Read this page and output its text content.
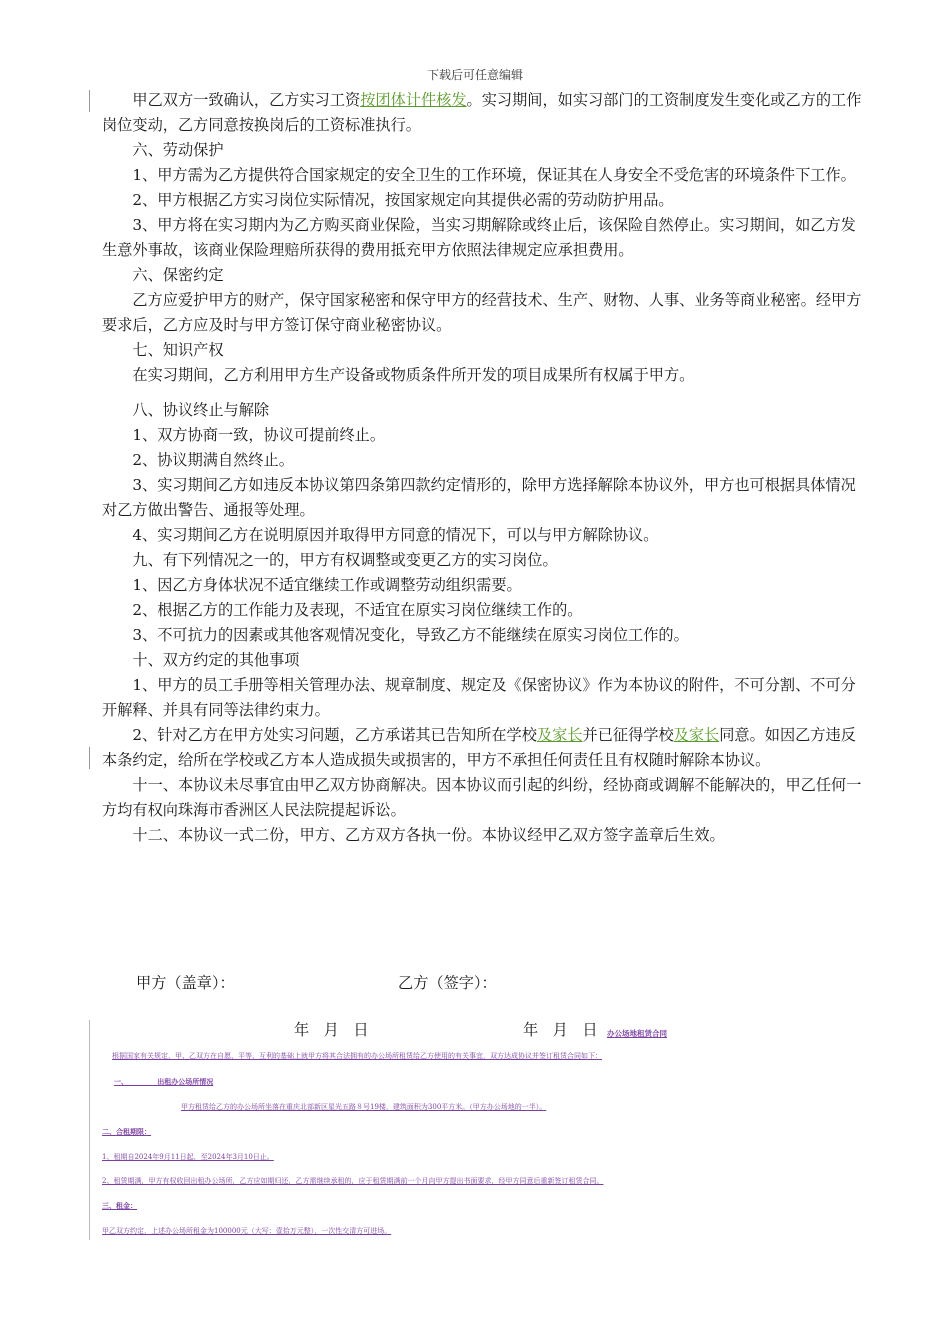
下载后可任意编辑

甲乙双方一致确认，乙方实习工资按团体计件核发。实习期间，如实习部门的工资制度发生变化或乙方的工作岗位变动，乙方同意按换岗后的工资标准执行。

六、劳动保护

1、甲方需为乙方提供符合国家规定的安全卫生的工作环境，保证其在人身安全不受危害的环境条件下工作。

2、甲方根据乙方实习岗位实际情况，按国家规定向其提供必需的劳动防护用品。

3、甲方将在实习期内为乙方购买商业保险，当实习期解除或终止后，该保险自然停止。实习期间，如乙方发生意外事故，该商业保险理赔所获得的费用抵充甲方依照法律规定应承担费用。

六、保密约定

乙方应爱护甲方的财产，保守国家秘密和保守甲方的经营技术、生产、财物、人事、业务等商业秘密。经甲方要求后，乙方应及时与甲方签订保守商业秘密协议。

七、知识产权

在实习期间，乙方利用甲方生产设备或物质条件所开发的项目成果所有权属于甲方。

八、协议终止与解除

1、双方协商一致，协议可提前终止。

2、协议期满自然终止。

3、实习期间乙方如违反本协议第四条第四款约定情形的，除甲方选择解除本协议外，甲方也可根据具体情况对乙方做出警告、通报等处理。

4、实习期间乙方在说明原因并取得甲方同意的情况下，可以与甲方解除协议。

九、有下列情况之一的，甲方有权调整或变更乙方的实习岗位。

1、因乙方身体状况不适宜继续工作或调整劳动组织需要。

2、根据乙方的工作能力及表现，不适宜在原实习岗位继续工作的。

3、不可抗力的因素或其他客观情况变化，导致乙方不能继续在原实习岗位工作的。

十、双方约定的其他事项

1、甲方的员工手册等相关管理办法、规章制度、规定及《保密协议》作为本协议的附件，不可分割、不可分开解释、并具有同等法律约束力。

2、针对乙方在甲方处实习问题，乙方承诺其已告知所在学校及家长并已征得学校及家长同意。如因乙方违反本条约定，给所在学校或乙方本人造成损失或损害的，甲方不承担任何责任且有权随时解除本协议。

十一、本协议未尽事宜由甲乙双方协商解决。因本协议而引起的纠纷，经协商或调解不能解决的，甲乙任何一方均有权向珠海市香洲区人民法院提起诉讼。

十二、本协议一式二份，甲方、乙方双方各执一份。本协议经甲乙双方签字盖章后生效。

甲方（盖章）：	乙方（签字）：
年   月   日	年   月   日 办公场地租赁合同
根据国家有关规定，甲、乙双方在自愿、平等、互利的基础上就甲方将其合法拥有的办公场所租赁给乙方使用的有关事宜，双方达成协议并签订租赁合同如下：
一、            出租办公场所情况
甲方租赁给乙方的办公场所坐落在重庆北部新区星光五路８号19楼，建筑面积为300平方米。（甲方办公场地的一半）。
二、合租期限：
1、租期自2024年9月11日起，至2024年3月10日止。
2、租赁期满，甲方有权收回出租办公场所，乙方应如期归还，乙方需继续承租的，应于租赁期满前一个月向甲方提出书面要求，经甲方同意后重新签订租赁合同。
三、租金：
甲乙双方约定，上述办公场所租金为100000元（大写：壹拾万元整），一次性交清方可进场。
